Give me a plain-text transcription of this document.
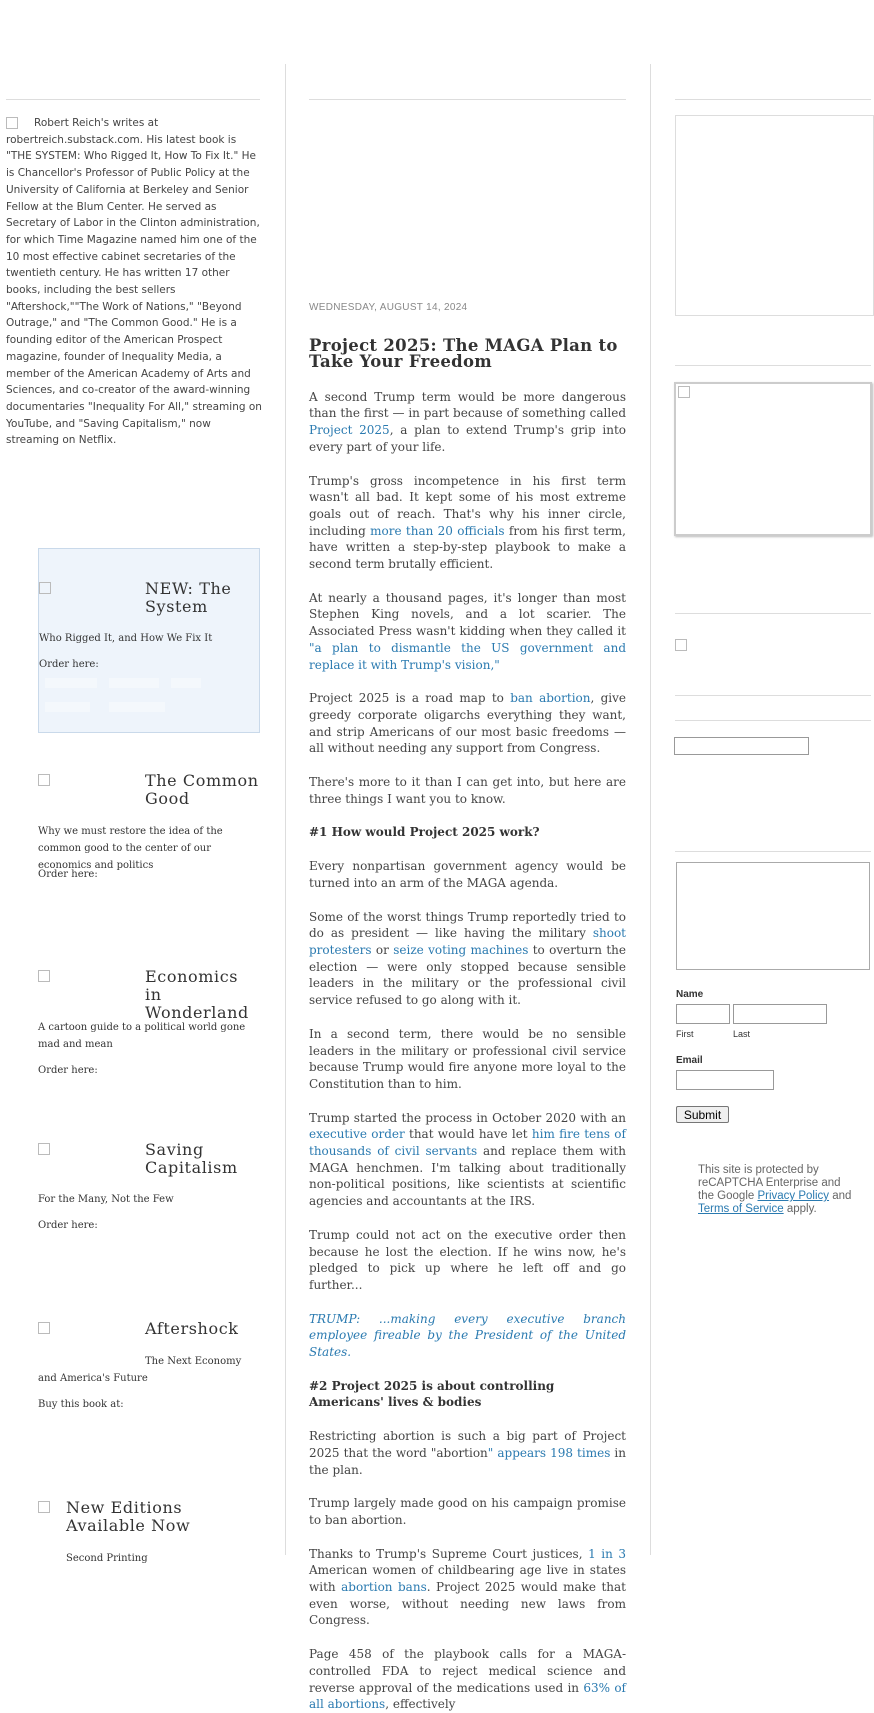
Robert Reich's writes at robertreich.substack.com. His latest book is "THE SYSTEM: Who Rigged It, How To Fix It." He is Chancellor's Professor of Public Policy at the University of California at Berkeley and Senior Fellow at the Blum Center. He served as Secretary of Labor in the Clinton administration, for which Time Magazine named him one of the 10 most effective cabinet secretaries of the twentieth century. He has written 17 other books, including the best sellers "Aftershock,""The Work of Nations," "Beyond Outrage," and "The Common Good." He is a founding editor of the American Prospect magazine, founder of Inequality Media, a member of the American Academy of Arts and Sciences, and co-creator of the award-winning documentaries "Inequality For All," streaming on YouTube, and "Saving Capitalism," now streaming on Netflix.
NEW: The System

Who Rigged It, and How We Fix It

Order here:

The Common Good

Why we must restore the idea of the common good to the center of our economics and politics

Order here:

Economics in Wonderland

A cartoon guide to a political world gone mad and mean

Order here:

Saving Capitalism

For the Many, Not the Few

Order here:

Aftershock

The Next Economy and America's Future

Buy this book at:

New Editions Available Now

Second Printing

WEDNESDAY, AUGUST 14, 2024

Project 2025: The MAGA Plan to Take Your Freedom

A second Trump term would be more dangerous than the first — in part because of something called Project 2025, a plan to extend Trump's grip into every part of your life.

Trump's gross incompetence in his first term wasn't all bad. It kept some of his most extreme goals out of reach. That's why his inner circle, including more than 20 officials from his first term, have written a step-by-step playbook to make a second term brutally efficient.

At nearly a thousand pages, it's longer than most Stephen King novels, and a lot scarier. The Associated Press wasn't kidding when they called it "a plan to dismantle the US government and replace it with Trump's vision,"

Project 2025 is a road map to ban abortion, give greedy corporate oligarchs everything they want, and strip Americans of our most basic freedoms — all without needing any support from Congress.

There's more to it than I can get into, but here are three things I want you to know.

#1 How would Project 2025 work?

Every nonpartisan government agency would be turned into an arm of the MAGA agenda.

Some of the worst things Trump reportedly tried to do as president — like having the military shoot protesters or seize voting machines to overturn the election — were only stopped because sensible leaders in the military or the professional civil service refused to go along with it.

In a second term, there would be no sensible leaders in the military or professional civil service because Trump would fire anyone more loyal to the Constitution than to him.

Trump started the process in October 2020 with an executive order that would have let him fire tens of thousands of civil servants and replace them with MAGA henchmen. I'm talking about traditionally non-political positions, like scientists at scientific agencies and accountants at the IRS.

Trump could not act on the executive order then because he lost the election. If he wins now, he's pledged to pick up where he left off and go further...

TRUMP: ...making every executive branch employee fireable by the President of the United States.

#2 Project 2025 is about controlling Americans' lives & bodies

Restricting abortion is such a big part of Project 2025 that the word "abortion" appears 198 times in the plan.

Trump largely made good on his campaign promise to ban abortion.

Thanks to Trump's Supreme Court justices, 1 in 3 American women of childbearing age live in states with abortion bans. Project 2025 would make that even worse, without needing new laws from Congress.

Page 458 of the playbook calls for a MAGA-controlled FDA to reject medical science and reverse approval of the medications used in 63% of all abortions, effectively

Name
First	Last
Email
Submit
This site is protected by reCAPTCHA Enterprise and the Google Privacy Policy and Terms of Service apply.
